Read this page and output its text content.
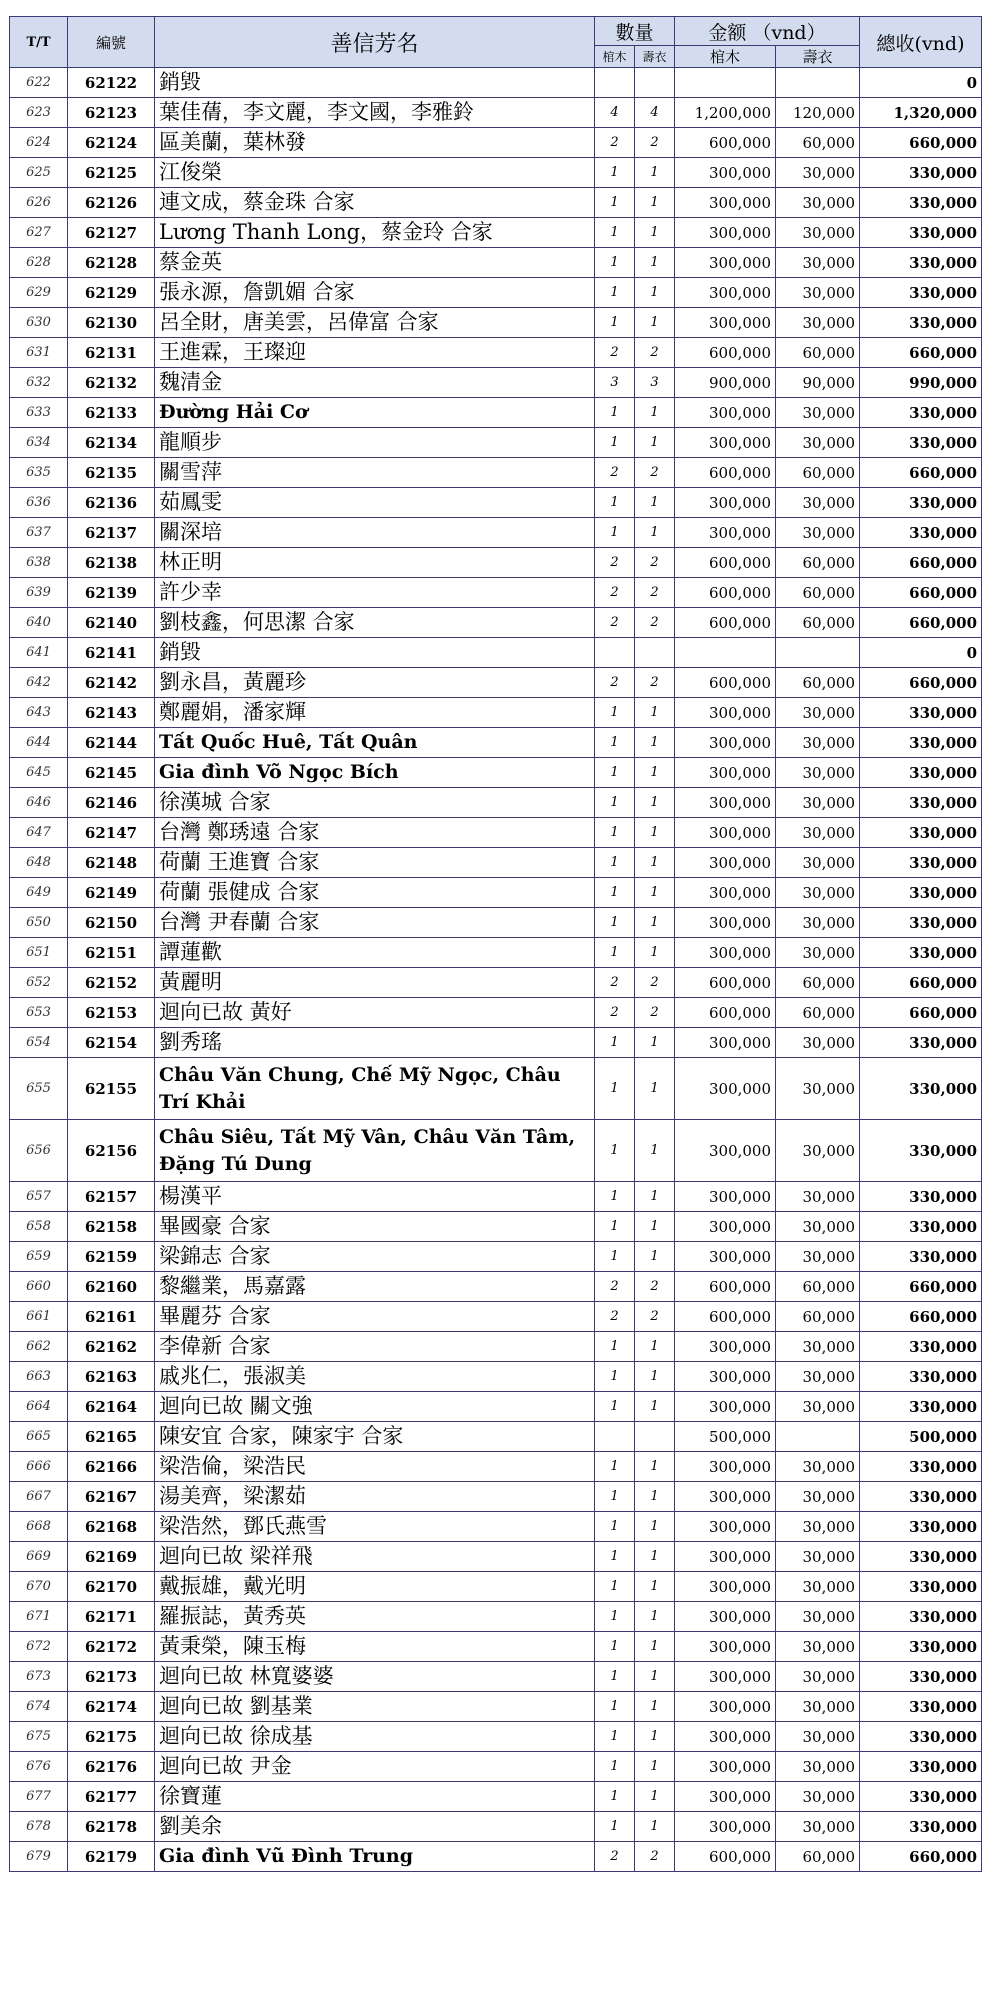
T/T	編號	善信芳名	數量		金额 （vnd）		總收(vnd)
			棺木	壽衣	棺木	壽衣	
622	62122	銷毀					0
623	62123	葉佳蒨，李文麗，李文國，李雅鈴	4	4	1,200,000	120,000	1,320,000
624	62124	區美蘭，葉林發	2	2	600,000	60,000	660,000
625	62125	江俊榮	1	1	300,000	30,000	330,000
626	62126	連文成，蔡金珠 合家	1	1	300,000	30,000	330,000
627	62127	Lương Thanh Long，蔡金玲 合家	1	1	300,000	30,000	330,000
628	62128	蔡金英	1	1	300,000	30,000	330,000
629	62129	張永源，詹凱媚 合家	1	1	300,000	30,000	330,000
630	62130	呂全財，唐美雲，呂偉富 合家	1	1	300,000	30,000	330,000
631	62131	王進霖，王璨迎	2	2	600,000	60,000	660,000
632	62132	魏清金	3	3	900,000	90,000	990,000
633	62133	Đường Hải Cơ	1	1	300,000	30,000	330,000
634	62134	龍順步	1	1	300,000	30,000	330,000
635	62135	關雪萍	2	2	600,000	60,000	660,000
636	62136	茹鳳雯	1	1	300,000	30,000	330,000
637	62137	關深培	1	1	300,000	30,000	330,000
638	62138	林正明	2	2	600,000	60,000	660,000
639	62139	許少幸	2	2	600,000	60,000	660,000
640	62140	劉枝鑫，何思潔 合家	2	2	600,000	60,000	660,000
641	62141	銷毀					0
642	62142	劉永昌，黃麗珍	2	2	600,000	60,000	660,000
643	62143	鄭麗娟，潘家輝	1	1	300,000	30,000	330,000
644	62144	Tất Quốc Huê, Tất Quân	1	1	300,000	30,000	330,000
645	62145	Gia đình Võ Ngọc Bích	1	1	300,000	30,000	330,000
646	62146	徐漢城 合家	1	1	300,000	30,000	330,000
647	62147	台灣 鄭琇遠 合家	1	1	300,000	30,000	330,000
648	62148	荷蘭 王進寶 合家	1	1	300,000	30,000	330,000
649	62149	荷蘭 張健成 合家	1	1	300,000	30,000	330,000
650	62150	台灣 尹春蘭 合家	1	1	300,000	30,000	330,000
651	62151	譚蓮歡	1	1	300,000	30,000	330,000
652	62152	黃麗明	2	2	600,000	60,000	660,000
653	62153	迴向已故 黃好	2	2	600,000	60,000	660,000
654	62154	劉秀瑤	1	1	300,000	30,000	330,000
655	62155	Châu Văn Chung, Chế Mỹ Ngọc, Châu Trí Khải	1	1	300,000	30,000	330,000
656	62156	Châu Siêu, Tất Mỹ Vân, Châu Văn Tâm, Đặng Tú Dung	1	1	300,000	30,000	330,000
657	62157	楊漢平	1	1	300,000	30,000	330,000
658	62158	畢國豪 合家	1	1	300,000	30,000	330,000
659	62159	梁錦志 合家	1	1	300,000	30,000	330,000
660	62160	黎繼業，馬嘉露	2	2	600,000	60,000	660,000
661	62161	畢麗芬 合家	2	2	600,000	60,000	660,000
662	62162	李偉新 合家	1	1	300,000	30,000	330,000
663	62163	戚兆仁，張淑美	1	1	300,000	30,000	330,000
664	62164	迴向已故 關文強	1	1	300,000	30,000	330,000
665	62165	陳安宜 合家，陳家宇 合家			500,000		500,000
666	62166	梁浩倫，梁浩民	1	1	300,000	30,000	330,000
667	62167	湯美齊，梁潔茹	1	1	300,000	30,000	330,000
668	62168	梁浩然，鄧氏燕雪	1	1	300,000	30,000	330,000
669	62169	迴向已故 梁祥飛	1	1	300,000	30,000	330,000
670	62170	戴振雄，戴光明	1	1	300,000	30,000	330,000
671	62171	羅振誌，黃秀英	1	1	300,000	30,000	330,000
672	62172	黃秉榮，陳玉梅	1	1	300,000	30,000	330,000
673	62173	迴向已故 林寬婆婆	1	1	300,000	30,000	330,000
674	62174	迴向已故 劉基業	1	1	300,000	30,000	330,000
675	62175	迴向已故 徐成基	1	1	300,000	30,000	330,000
676	62176	迴向已故 尹金	1	1	300,000	30,000	330,000
677	62177	徐寶蓮	1	1	300,000	30,000	330,000
678	62178	劉美余	1	1	300,000	30,000	330,000
679	62179	Gia đình Vũ Đình Trung	2	2	600,000	60,000	660,000
